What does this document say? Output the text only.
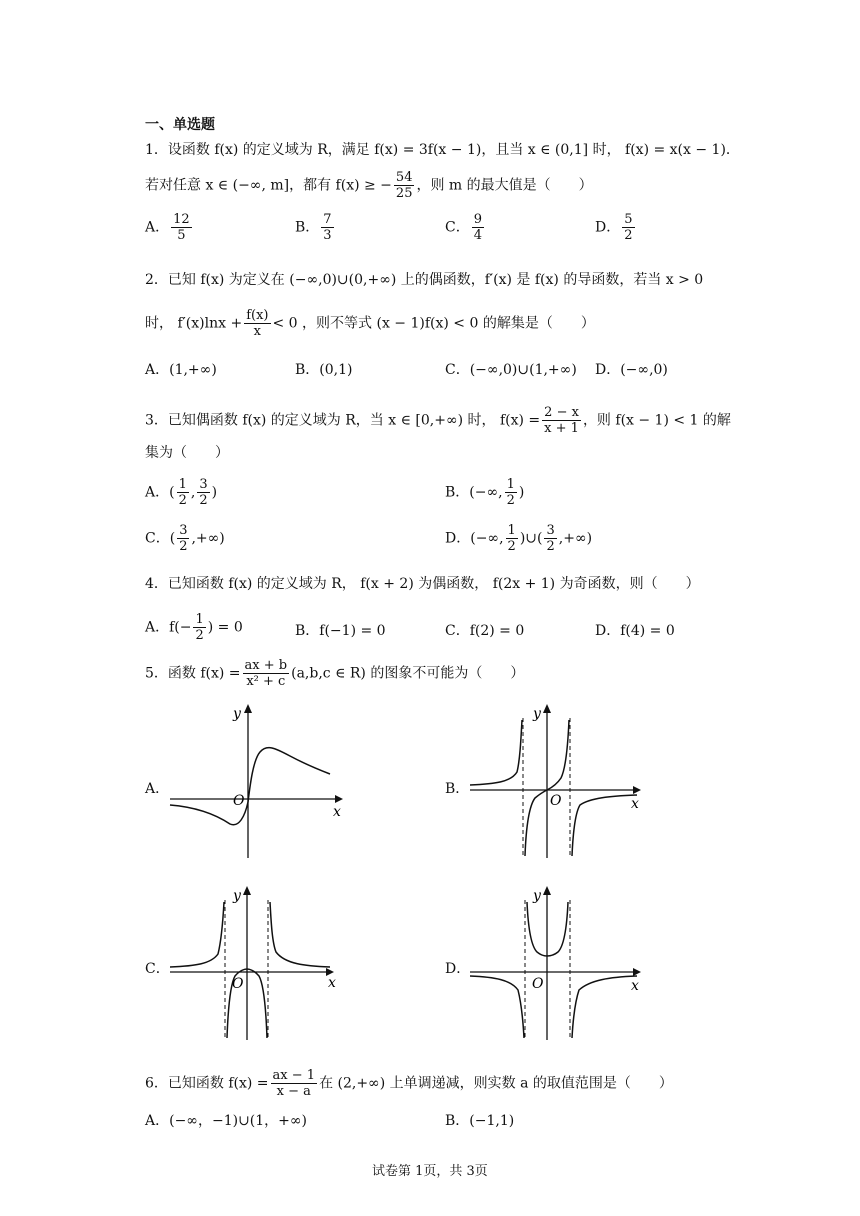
一、单选题
1．设函数 f(x) 的定义域为 R，满足 f(x) = 3f(x − 1)，且当 x ∈ (0,1] 时， f(x) = x(x − 1)．
若对任意 x ∈ (−∞, m]，都有 f(x) ≥ − $\frac{54}{25}$ ，则 m 的最大值是（　　）
A． $\frac{12}{5}$	B． $\frac{7}{3}$	C． $\frac{9}{4}$	D． $\frac{5}{2}$
2．已知 f(x) 为定义在 (−∞,0)∪(0,+∞) 上的偶函数，f′(x) 是 f(x) 的导函数，若当 x > 0
时， $f'(x)\ln x + \frac{f(x)}{x} < 0$ ，则不等式 (x − 1)f(x) < 0 的解集是（　　）
A．(1,+∞)	B．(0,1)	C．(−∞,0)∪(1,+∞) D．(−∞,0)
3．已知偶函数 f(x) 的定义域为 R，当 x ∈ [0,+∞) 时， $f(x) = \frac{2 - x}{x + 1}$ ，则 f(x − 1) < 1 的解
集为（　　）
A．( $\frac{1}{2}$ , $\frac{3}{2}$ )	B．(−∞, $\frac{1}{2}$ )
C．( $\frac{3}{2}$ ,+∞)	D．(−∞, $\frac{1}{2}$ )∪( $\frac{3}{2}$ ,+∞)
4．已知函数 f(x) 的定义域为 R， f(x + 2) 为偶函数， f(2x + 1) 为奇函数，则（　　）
A．$f(- \frac{1}{2}$ ) = 0	B．f(−1) = 0	C．f(2) = 0	D．f(4) = 0
5．函数 $f(x) = \frac{ax + b}{\text{x² + c}} (a,b,c$ ∈ R) 的图象不可能为（　　）
A．	B．
C．	D．
O
x
y
O	x
y
O	x
y
O	x
y
6．已知函数 $f(x) = \frac{ax - 1}{x - a}$ 在 (2,+∞) 上单调递减，则实数 a 的取值范围是（　　）
A．(−∞，−1)∪(1，+∞)	B．(−1,1)
试卷第 1页，共 3页
